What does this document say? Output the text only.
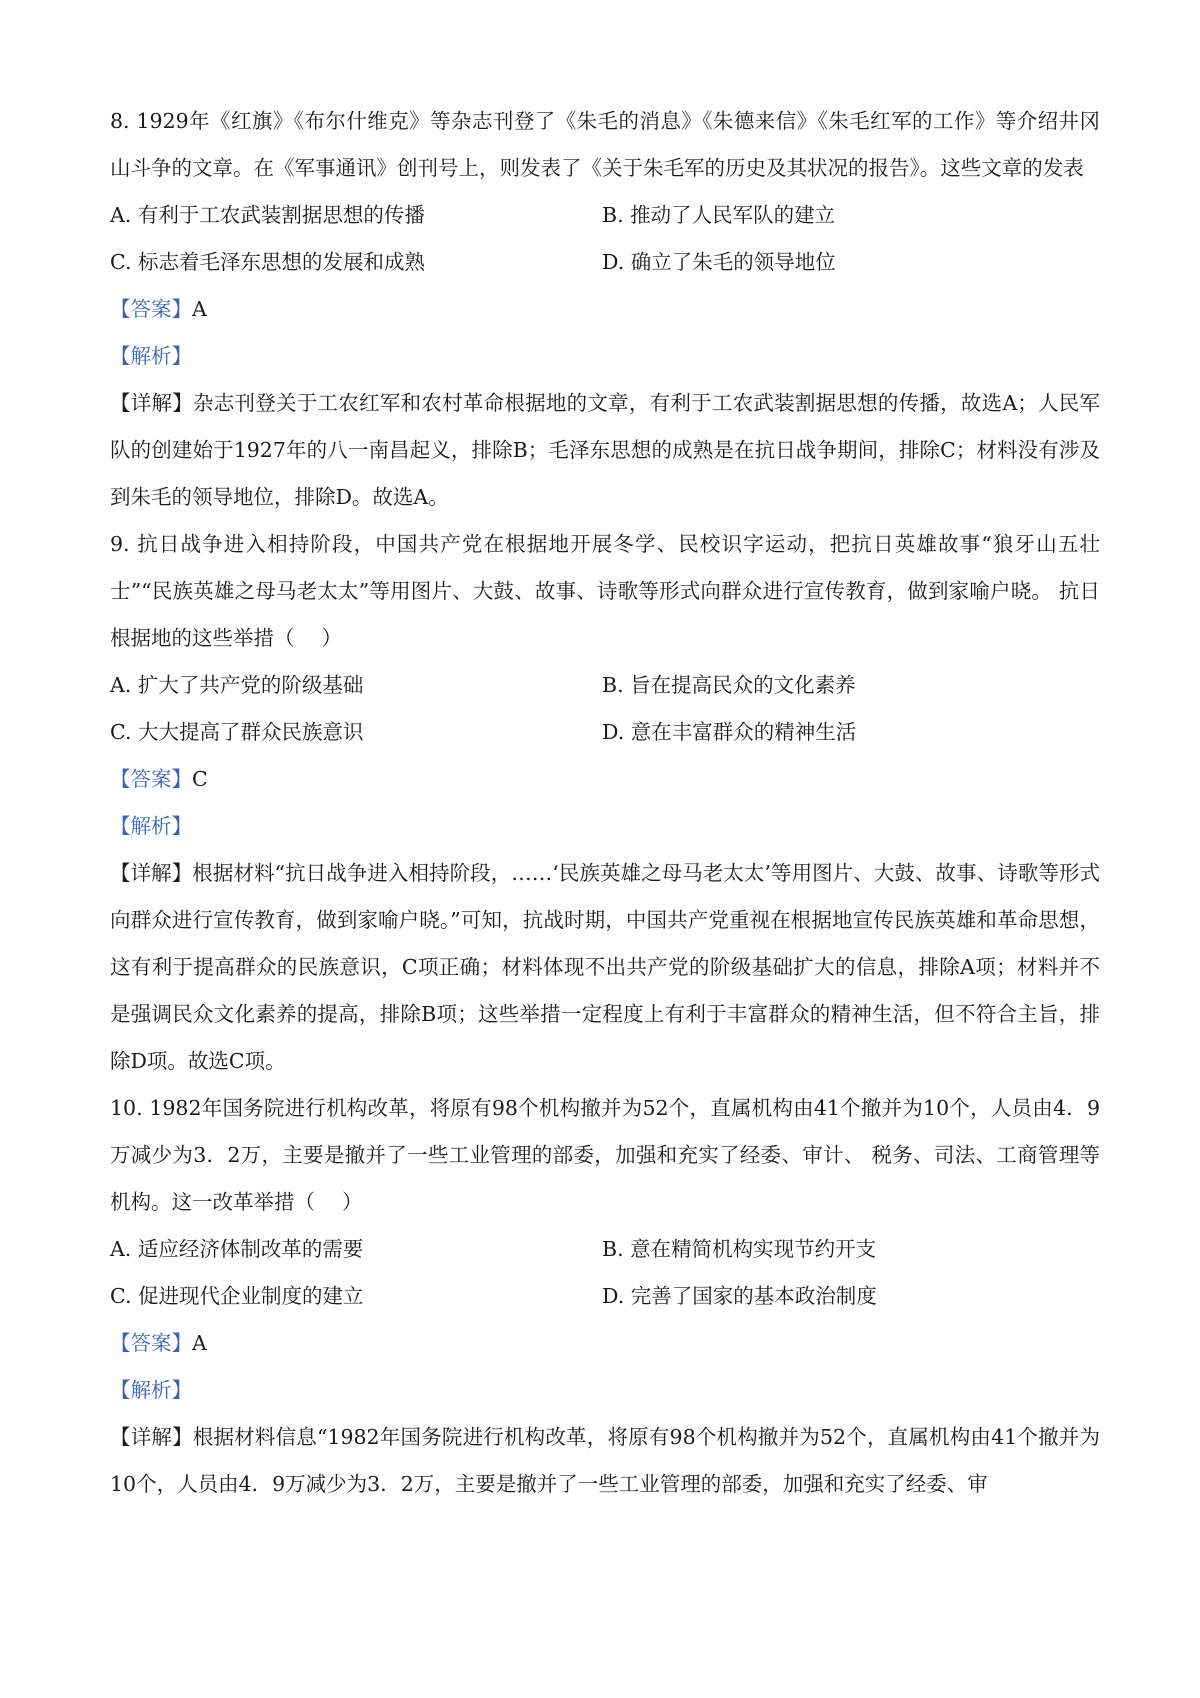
8. 1929年《红旗》《布尔什维克》等杂志刊登了《朱毛的消息》《朱德来信》《朱毛红军的工作》等介绍井冈山斗争的文章。在《军事通讯》创刊号上，则发表了《关于朱毛军的历史及其状况的报告》。这些文章的发表

A. 有利于工农武装割据思想的传播	B. 推动了人民军队的建立
C. 标志着毛泽东思想的发展和成熟	D. 确立了朱毛的领导地位

【答案】A

【解析】

【详解】杂志刊登关于工农红军和农村革命根据地的文章，有利于工农武装割据思想的传播，故选A；人民军队的创建始于1927年的八一南昌起义，排除B；毛泽东思想的成熟是在抗日战争期间，排除C；材料没有涉及到朱毛的领导地位，排除D。故选A。

9. 抗日战争进入相持阶段，中国共产党在根据地开展冬学、民校识字运动，把抗日英雄故事“狼牙山五壮士”“民族英雄之母马老太太”等用图片、大鼓、故事、诗歌等形式向群众进行宣传教育，做到家喻户晓。 抗日根据地的这些举措（　 ）

A. 扩大了共产党的阶级基础	B. 旨在提高民众的文化素养
C. 大大提高了群众民族意识	D. 意在丰富群众的精神生活

【答案】C

【解析】

【详解】根据材料“抗日战争进入相持阶段，……‘民族英雄之母马老太太’等用图片、大鼓、故事、诗歌等形式向群众进行宣传教育，做到家喻户晓。”可知，抗战时期，中国共产党重视在根据地宣传民族英雄和革命思想，这有利于提高群众的民族意识，C项正确；材料体现不出共产党的阶级基础扩大的信息，排除A项；材料并不是强调民众文化素养的提高，排除B项；这些举措一定程度上有利于丰富群众的精神生活，但不符合主旨，排除D项。故选C项。

10. 1982年国务院进行机构改革，将原有98个机构撤并为52个，直属机构由41个撤并为10个，人员由4．9万减少为3．2万，主要是撤并了一些工业管理的部委，加强和充实了经委、审计、 税务、司法、工商管理等机构。这一改革举措（　 ）

A. 适应经济体制改革的需要	B. 意在精简机构实现节约开支
C. 促进现代企业制度的建立	D. 完善了国家的基本政治制度

【答案】A

【解析】

【详解】根据材料信息“1982年国务院进行机构改革，将原有98个机构撤并为52个，直属机构由41个撤并为10个，人员由4．9万减少为3．2万，主要是撤并了一些工业管理的部委，加强和充实了经委、审
